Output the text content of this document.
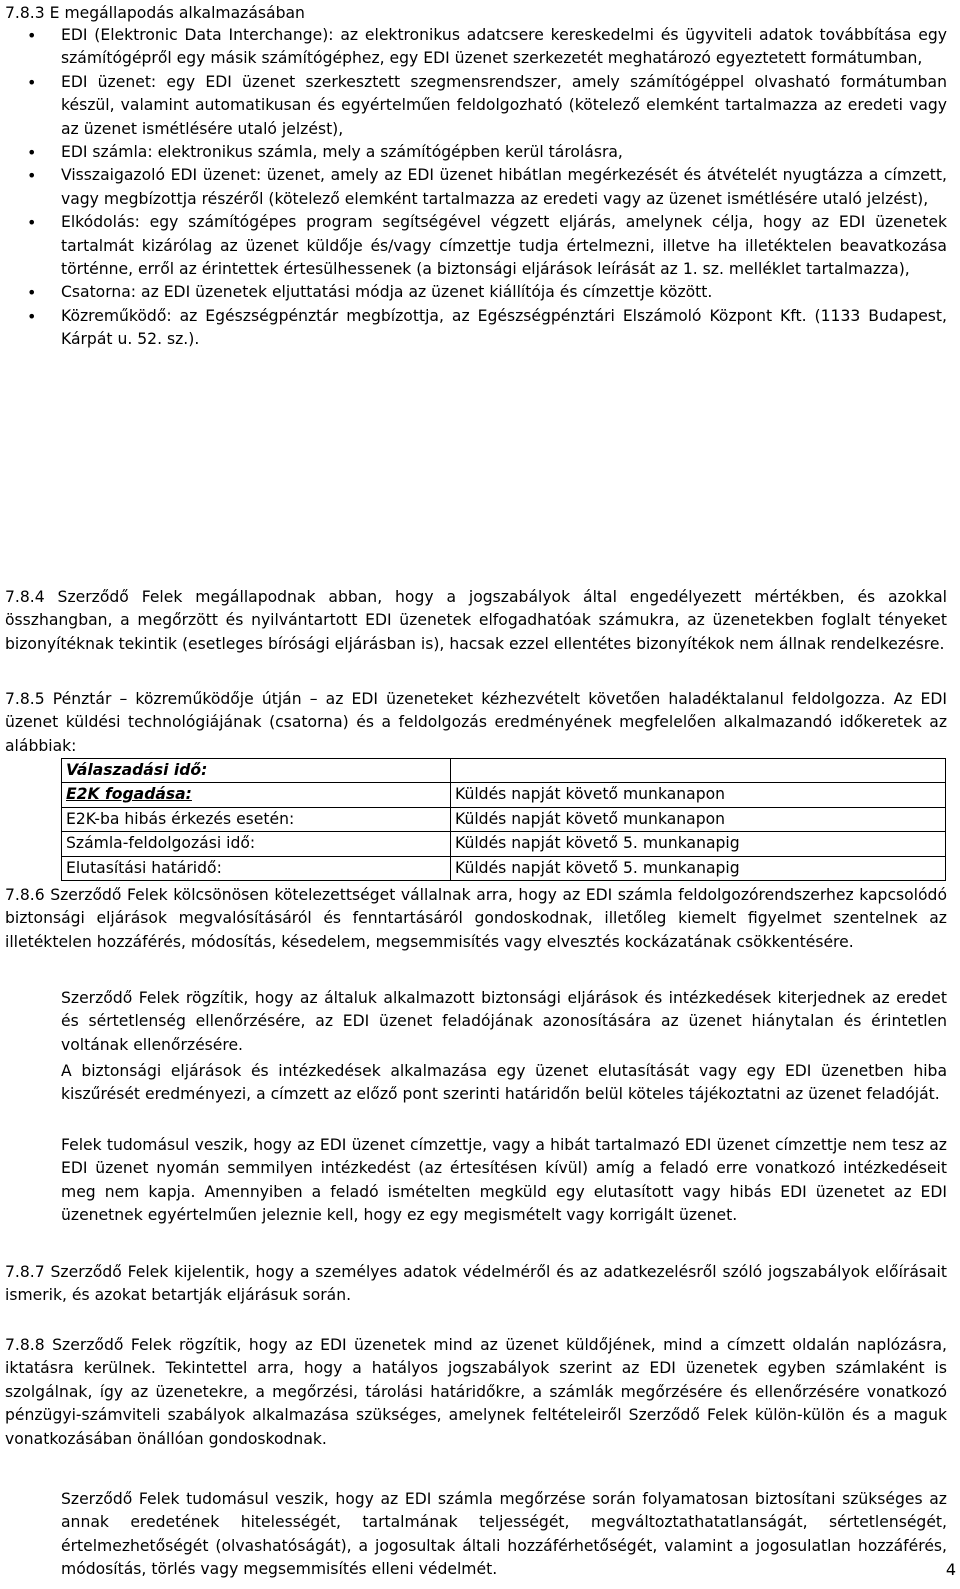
7.8.3 E megállapodás alkalmazásában
• EDI (Elektronic Data Interchange): az elektronikus adatcsere kereskedelmi és ügyviteli adatok továbbítása egy számítógépről egy másik számítógéphez, egy EDI üzenet szerkezetét meghatározó egyeztetett formátumban,
• EDI üzenet: egy EDI üzenet szerkesztett szegmensrendszer, amely számítógéppel olvasható formátumban készül, valamint automatikusan és egyértelműen feldolgozható (kötelező elemként tartalmazza az eredeti vagy az üzenet ismétlésére utaló jelzést),
• EDI számla: elektronikus számla, mely a számítógépben kerül tárolásra,
• Visszaigazoló EDI üzenet: üzenet, amely az EDI üzenet hibátlan megérkezését és átvételét nyugtázza a címzett, vagy megbízottja részéről (kötelező elemként tartalmazza az eredeti vagy az üzenet ismétlésére utaló jelzést),
• Elkódolás: egy számítógépes program segítségével végzett eljárás, amelynek célja, hogy az EDI üzenetek tartalmát kizárólag az üzenet küldője és/vagy címzettje tudja értelmezni, illetve ha illetéktelen beavatkozása történne, erről az érintettek értesülhessenek (a biztonsági eljárások leírását az 1. sz. melléklet tartalmazza),
• Csatorna: az EDI üzenetek eljuttatási módja az üzenet kiállítója és címzettje között.
• Közreműködő: az Egészségpénztár megbízottja, az Egészségpénztári Elszámoló Központ Kft. (1133 Budapest, Kárpát u. 52. sz.).
7.8.4 Szerződő Felek megállapodnak abban, hogy a jogszabályok által engedélyezett mértékben, és azokkal összhangban, a megőrzött és nyilvántartott EDI üzenetek elfogadhatóak számukra, az üzenetekben foglalt tényeket bizonyítéknak tekintik (esetleges bírósági eljárásban is), hacsak ezzel ellentétes bizonyítékok nem állnak rendelkezésre.
7.8.5 Pénztár – közreműködője útján – az EDI üzeneteket kézhezvételt követően haladéktalanul feldolgozza. Az EDI üzenet küldési technológiájának (csatorna) és a feldolgozás eredményének megfelelően alkalmazandó időkeretek az alábbiak:
Válaszadási idő:	
E2K fogadása:	Küldés napját követő munkanapon
E2K-ba hibás érkezés esetén:	Küldés napját követő munkanapon
Számla-feldolgozási idő:	Küldés napját követő 5. munkanapig
Elutasítási határidő:	Küldés napját követő 5. munkanapig
7.8.6 Szerződő Felek kölcsönösen kötelezettséget vállalnak arra, hogy az EDI számla feldolgozórendszerhez kapcsolódó biztonsági eljárások megvalósításáról és fenntartásáról gondoskodnak, illetőleg kiemelt figyelmet szentelnek az illetéktelen hozzáférés, módosítás, késedelem, megsemmisítés vagy elvesztés kockázatának csökkentésére.
Szerződő Felek rögzítik, hogy az általuk alkalmazott biztonsági eljárások és intézkedések kiterjednek az eredet és sértetlenség ellenőrzésére, az EDI üzenet feladójának azonosítására az üzenet hiánytalan és érintetlen voltának ellenőrzésére.
A biztonsági eljárások és intézkedések alkalmazása egy üzenet elutasítását vagy egy EDI üzenetben hiba kiszűrését eredményezi, a címzett az előző pont szerinti határidőn belül köteles tájékoztatni az üzenet feladóját.
Felek tudomásul veszik, hogy az EDI üzenet címzettje, vagy a hibát tartalmazó EDI üzenet címzettje nem tesz az EDI üzenet nyomán semmilyen intézkedést (az értesítésen kívül) amíg a feladó erre vonatkozó intézkedéseit meg nem kapja. Amennyiben a feladó ismételten megküld egy elutasított vagy hibás EDI üzenetet az EDI üzenetnek egyértelműen jeleznie kell, hogy ez egy megismételt vagy korrigált üzenet.
7.8.7 Szerződő Felek kijelentik, hogy a személyes adatok védelméről és az adatkezelésről szóló jogszabályok előírásait ismerik, és azokat betartják eljárásuk során.
7.8.8 Szerződő Felek rögzítik, hogy az EDI üzenetek mind az üzenet küldőjének, mind a címzett oldalán naplózásra, iktatásra kerülnek. Tekintettel arra, hogy a hatályos jogszabályok szerint az EDI üzenetek egyben számlaként is szolgálnak, így az üzenetekre, a megőrzési, tárolási határidőkre, a számlák megőrzésére és ellenőrzésére vonatkozó pénzügyi-számviteli szabályok alkalmazása szükséges, amelynek feltételeiről Szerződő Felek külön-külön és a maguk vonatkozásában önállóan gondoskodnak.
Szerződő Felek tudomásul veszik, hogy az EDI számla megőrzése során folyamatosan biztosítani szükséges az annak eredetének hitelességét, tartalmának teljességét, megváltoztathatatlanságát, sértetlenségét, értelmezhetőségét (olvashatóságát), a jogosultak általi hozzáférhetőségét, valamint a jogosulatlan hozzáférés, módosítás, törlés vagy megsemmisítés elleni védelmét.	4
